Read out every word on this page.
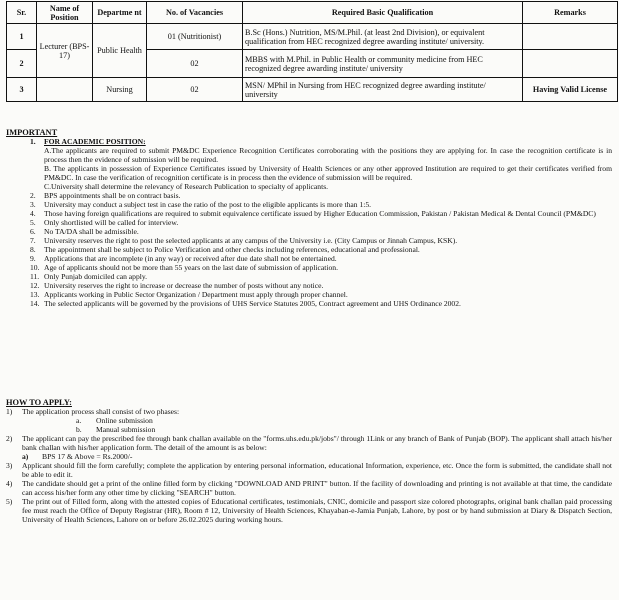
Sr.	Name of Position	Departme nt	No. of Vacancies	Required Basic Qualification	Remarks
1	Lecturer (BPS-17)	Public Health	01 (Nutritionist)	B.Sc (Hons.) Nutrition, MS/M.Phil. (at least 2nd Division), or equivalent qualification from HEC recognized degree awarding institute/ university.	
2			02	MBBS with M.Phil. in Public Health or community medicine from HEC recognized degree awarding institute/ university	
3		Nursing	02	MSN/ MPhil in Nursing from HEC recognized degree awarding institute/ university	Having Valid License
IMPORTANT
1.	FOR ACADEMIC POSITION:
A.The applicants are required to submit PM&DC Experience Recognition Certificates corroborating with the positions they are applying for. In case the recognition certificate is in process then the evidence of submission will be required.
B. The applicants in possession of Experience Certificates issued by University of Health Sciences or any other approved Institution are required to get their certificates verified from PM&DC. In case the verification of recognition certificate is in process then the evidence of submission will be required.
C.University shall determine the relevancy of Research Publication to specialty of applicants.
2.	BPS appointments shall be on contract basis.
3.	University may conduct a subject test in case the ratio of the post to the eligible applicants is more than 1:5.
4.	Those having foreign qualifications are required to submit equivalence certificate issued by Higher Education Commission, Pakistan / Pakistan Medical & Dental Council (PM&DC)
5.	Only shortlisted will be called for interview.
6.	No TA/DA shall be admissible.
7.	University reserves the right to post the selected applicants at any campus of the University i.e. (City Campus or Jinnah Campus, KSK).
8.	The appointment shall be subject to Police Verification and other checks including references, educational and professional.
9.	Applications that are incomplete (in any way) or received after due date shall not be entertained.
10. Age of applicants should not be more than 55 years on the last date of submission of application.
11. Only Punjab domiciled can apply.
12. University reserves the right to increase or decrease the number of posts without any notice.
13. Applicants working in Public Sector Organization / Department must apply through proper channel.
14. The selected applicants will be governed by the provisions of UHS Service Statutes 2005, Contract agreement and UHS Ordinance 2002.
HOW TO APPLY:
1)	The application process shall consist of two phases:
a.	Online submission
b.	Manual submission
2)	The applicant can pay the prescribed fee through bank challan available on the "forms.uhs.edu.pk/jobs"/ through 1Link or any branch of Bank of Punjab (BOP). The applicant shall attach his/her bank challan with his/her application form. The detail of the amount is as below:
a)	BPS 17 & Above = Rs.2000/-
3)	Applicant should fill the form carefully; complete the application by entering personal information, educational Information, experience, etc. Once the form is submitted, the candidate shall not be able to edit it.
4)	The candidate should get a print of the online filled form by clicking "DOWNLOAD AND PRINT" button. If the facility of downloading and printing is not available at that time, the candidate can access his/her form any other time by clicking "SEARCH" button.
5)	The print out of Filled form, along with the attested copies of Educational certificates, testimonials, CNIC, domicile and passport size colored photographs, original bank challan paid processing fee must reach the Office of Deputy Registrar (HR), Room # 12, University of Health Sciences, Khayaban-e-Jamia Punjab, Lahore, by post or by hand submission at Diary & Dispatch Section, University of Health Sciences, Lahore on or before 26.02.2025 during working hours.
